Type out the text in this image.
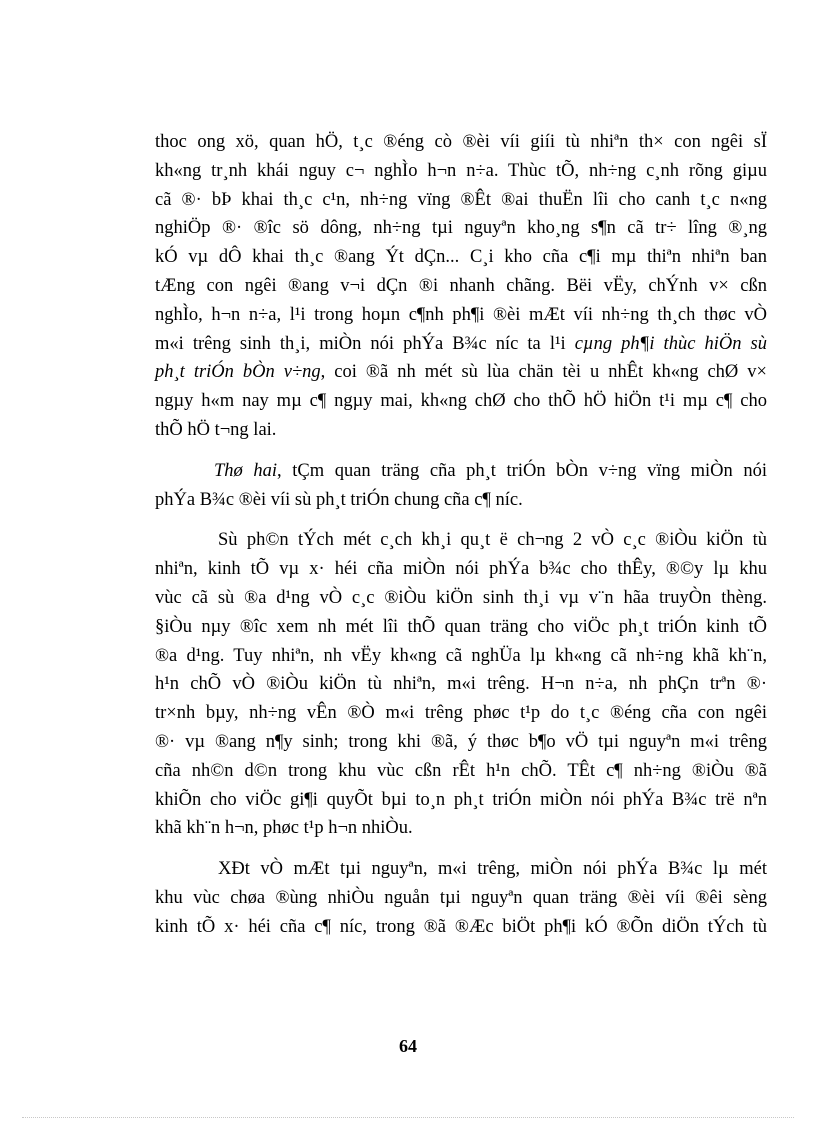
thoc ong xö, quan hÖ, t¸c ®éng cò ®èi víi giíi tù nhiªn th× con ngêi sÏ
kh«ng tr¸nh khái nguy c¬ nghÌo h¬n n÷a. Thùc tÕ, nh÷ng c¸nh rõng giµu
cã ®· bÞ khai th¸c c¹n, nh÷ng vïng ®Êt ®ai thuËn lîi cho canh t¸c n«ng
nghiÖp ®· ®îc sö dông, nh÷ng tµi nguyªn kho¸ng s¶n cã tr÷ lîng ®¸ng
kÓ vµ dÔ khai th¸c ®ang Ýt dÇn... C¸i kho cña c¶i mµ thiªn nhiªn ban
tÆng con ngêi ®ang v¬i dÇn ®i nhanh chãng. Bëi vËy, chÝnh v× cßn
nghÌo, h¬n n÷a, l¹i trong hoµn c¶nh ph¶i ®èi mÆt víi nh÷ng th¸ch thøc vÒ
m«i trêng sinh th¸i, miÒn nói phÝa B¾c níc ta l¹i cµng ph¶i thùc hiÖn sù
ph¸t triÓn bÒn v÷ng, coi ®ã nh mét sù lùa chän tèi u nhÊt kh«ng chØ v×
ngµy h«m nay mµ c¶ ngµy mai, kh«ng chØ cho thÕ hÖ hiÖn t¹i mµ c¶ cho
thÕ hÖ t¬ng lai.
Thø hai, tÇm quan träng cña ph¸t triÓn bÒn v÷ng vïng miÒn nói
phÝa B¾c ®èi víi sù ph¸t triÓn chung cña c¶ níc.
Sù ph©n tÝch mét c¸ch kh¸i qu¸t ë ch¬ng 2 vÒ c¸c ®iÒu kiÖn tù
nhiªn, kinh tÕ vµ x· héi cña miÒn nói phÝa b¾c cho thÊy, ®©y lµ khu
vùc cã sù ®a d¹ng vÒ c¸c ®iÒu kiÖn sinh th¸i vµ v¨n hãa truyÒn thèng.
§iÒu nµy ®îc xem nh mét lîi thÕ quan träng cho viÖc ph¸t triÓn kinh tÕ
®a d¹ng. Tuy nhiªn, nh vËy kh«ng cã nghÜa lµ kh«ng cã nh÷ng khã kh¨n,
h¹n chÕ vÒ ®iÒu kiÖn tù nhiªn, m«i trêng. H¬n n÷a, nh phÇn trªn ®·
tr×nh bµy, nh÷ng vÊn ®Ò m«i trêng phøc t¹p do t¸c ®éng cña con ngêi
®· vµ ®ang n¶y sinh; trong khi ®ã, ý thøc b¶o vÖ tµi nguyªn m«i trêng
cña nh©n d©n trong khu vùc cßn rÊt h¹n chÕ. TÊt c¶ nh÷ng ®iÒu ®ã
khiÕn cho viÖc gi¶i quyÕt bµi to¸n ph¸t triÓn miÒn nói phÝa B¾c trë nªn
khã kh¨n h¬n, phøc t¹p h¬n nhiÒu.
XÐt vÒ mÆt tµi nguyªn, m«i trêng, miÒn nói phÝa B¾c lµ mét
khu vùc chøa ®ùng nhiÒu nguån tµi nguyªn quan träng ®èi víi ®êi sèng
kinh tÕ x· héi cña c¶ níc, trong ®ã ®Æc biÖt ph¶i kÓ ®Õn diÖn tÝch tù
64
